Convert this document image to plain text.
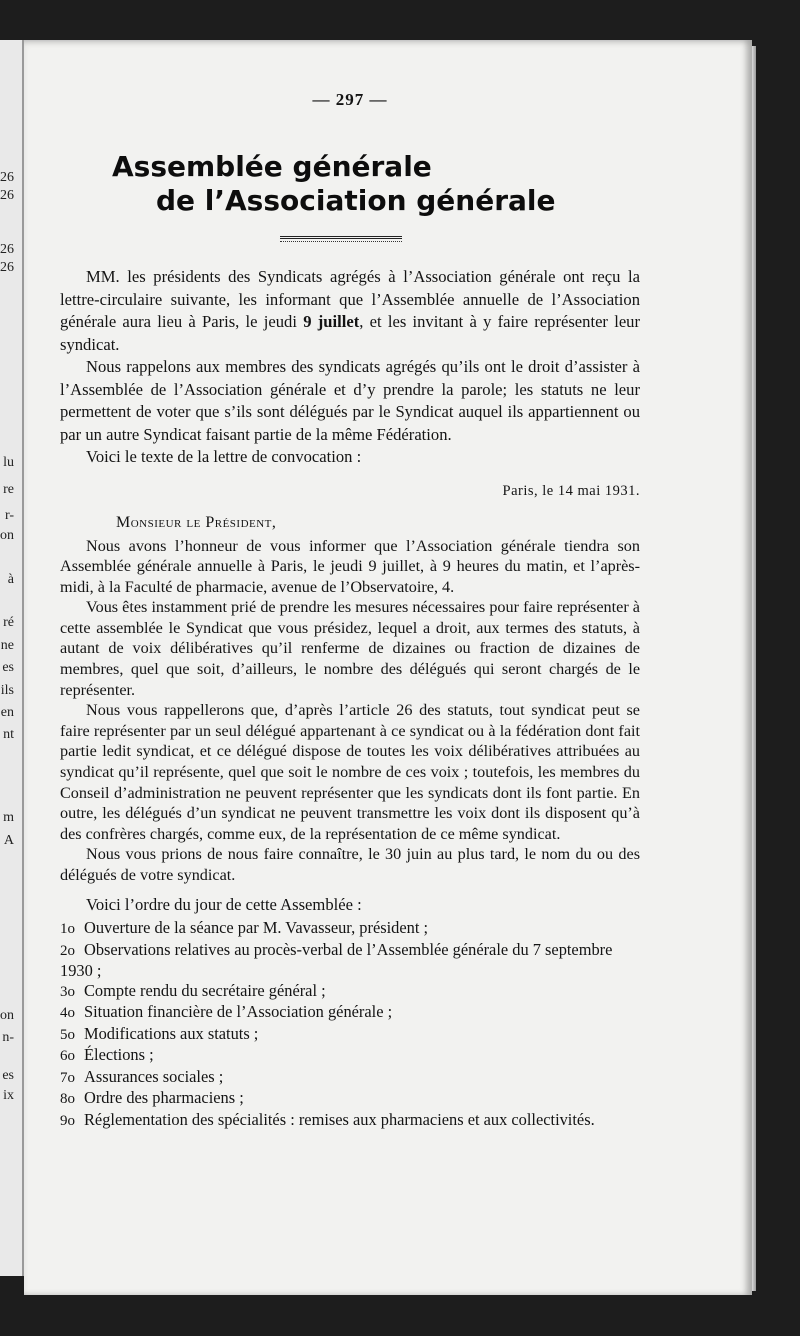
26
26
26
26
lu
re
r-
on
à
ré
ne
es
ils
en
nt
m
A
on
n-
es
ix
— 297 —
Assemblée générale
de l’Association générale

MM. les présidents des Syndicats agrégés à l’Association générale ont reçu la lettre-circulaire suivante, les informant que l’Assemblée annuelle de l’Association générale aura lieu à Paris, le jeudi 9 juillet, et les invitant à y faire représenter leur syndicat.

Nous rappelons aux membres des syndicats agrégés qu’ils ont le droit d’assister à l’Assemblée de l’Association générale et d’y prendre la parole; les statuts ne leur permettent de voter que s’ils sont délégués par le Syndicat auquel ils appartiennent ou par un autre Syndicat faisant partie de la même Fédération.

Voici le texte de la lettre de convocation :

Paris, le 14 mai 1931.
Monsieur le Président,

Nous avons l’honneur de vous informer que l’Association générale tiendra son Assemblée générale annuelle à Paris, le jeudi 9 juillet, à 9 heures du matin, et l’après-midi, à la Faculté de pharmacie, avenue de l’Observatoire, 4.

Vous êtes instamment prié de prendre les mesures nécessaires pour faire représenter à cette assemblée le Syndicat que vous présidez, lequel a droit, aux termes des statuts, à autant de voix délibératives qu’il renferme de dizaines ou fraction de dizaines de membres, quel que soit, d’ailleurs, le nombre des délégués qui seront chargés de le représenter.

Nous vous rappellerons que, d’après l’article 26 des statuts, tout syndicat peut se faire représenter par un seul délégué appartenant à ce syndicat ou à la fédération dont fait partie ledit syndicat, et ce délégué dispose de toutes les voix délibératives attribuées au syndicat qu’il représente, quel que soit le nombre de ces voix ; toutefois, les membres du Conseil d’administration ne peuvent représenter que les syndicats dont ils font partie. En outre, les délégués d’un syndicat ne peuvent transmettre les voix dont ils disposent qu’à des confrères chargés, comme eux, de la représentation de ce même syndicat.

Nous vous prions de nous faire connaître, le 30 juin au plus tard, le nom du ou des délégués de votre syndicat.

Voici l’ordre du jour de cette Assemblée :

1o Ouverture de la séance par M. Vavasseur, président ;
2o Observations relatives au procès-verbal de l’Assemblée générale du 7 septembre 1930 ;
3o Compte rendu du secrétaire général ;
4o Situation financière de l’Association générale ;
5o Modifications aux statuts ;
6o Élections ;
7o Assurances sociales ;
8o Ordre des pharmaciens ;
9o Réglementation des spécialités : remises aux pharmaciens et aux collectivités.
